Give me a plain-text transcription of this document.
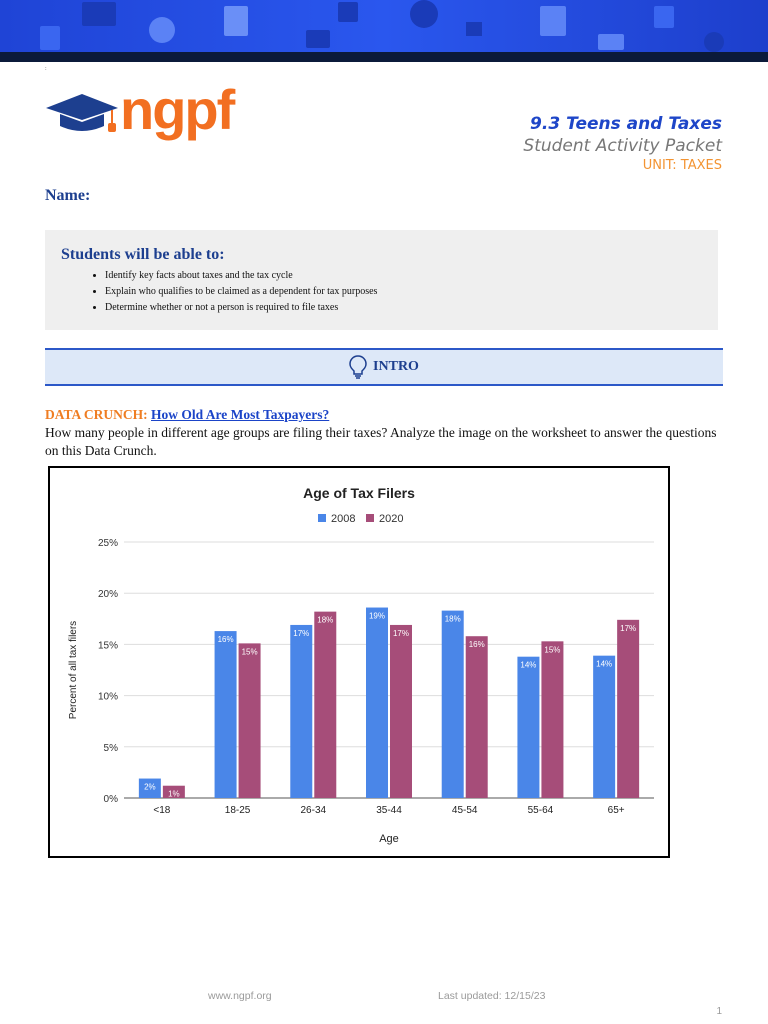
:
ngpf	9.3 Teens and Taxes
Student Activity Packet
UNIT: TAXES
Name:
Students will be able to:
• Identify key facts about taxes and the tax cycle
• Explain who qualifies to be claimed as a dependent for tax purposes
• Determine whether or not a person is required to file taxes
INTRO
DATA CRUNCH: How Old Are Most Taxpayers?
How many people in different age groups are filing their taxes? Analyze the image on the worksheet to answer the questions on this Data Crunch.
Age of Tax Filers
2008 2020
0%
5%
10%
15%
20%
25%
Percent of all tax filers
<18
2%
1%
18-25
16%
15%
26-34
17%
18%
35-44
19%
17%
45-54
18%
16%
55-64
14%
15%
65+
14%
17%
Age
www.ngpf.org	Last updated: 12/15/23
1
